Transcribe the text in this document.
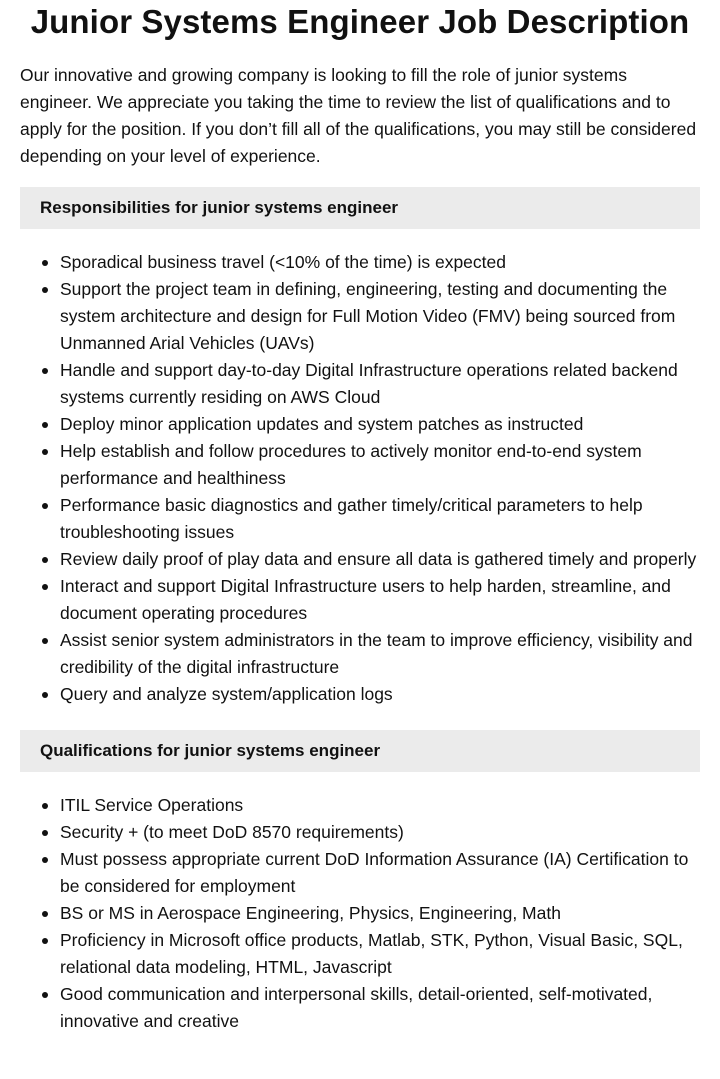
Junior Systems Engineer Job Description

Our innovative and growing company is looking to fill the role of junior systems engineer. We appreciate you taking the time to review the list of qualifications and to apply for the position. If you don’t fill all of the qualifications, you may still be considered depending on your level of experience.

Responsibilities for junior systems engineer
Sporadical business travel (<10% of the time) is expected
Support the project team in defining, engineering, testing and documenting the system architecture and design for Full Motion Video (FMV) being sourced from Unmanned Arial Vehicles (UAVs)
Handle and support day-to-day Digital Infrastructure operations related backend systems currently residing on AWS Cloud
Deploy minor application updates and system patches as instructed
Help establish and follow procedures to actively monitor end-to-end system performance and healthiness
Performance basic diagnostics and gather timely/critical parameters to help troubleshooting issues
Review daily proof of play data and ensure all data is gathered timely and properly
Interact and support Digital Infrastructure users to help harden, streamline, and document operating procedures
Assist senior system administrators in the team to improve efficiency, visibility and credibility of the digital infrastructure
Query and analyze system/application logs
Qualifications for junior systems engineer
ITIL Service Operations
Security + (to meet DoD 8570 requirements)
Must possess appropriate current DoD Information Assurance (IA) Certification to be considered for employment
BS or MS in Aerospace Engineering, Physics, Engineering, Math
Proficiency in Microsoft office products, Matlab, STK, Python, Visual Basic, SQL, relational data modeling, HTML, Javascript
Good communication and interpersonal skills, detail-oriented, self-motivated, innovative and creative
